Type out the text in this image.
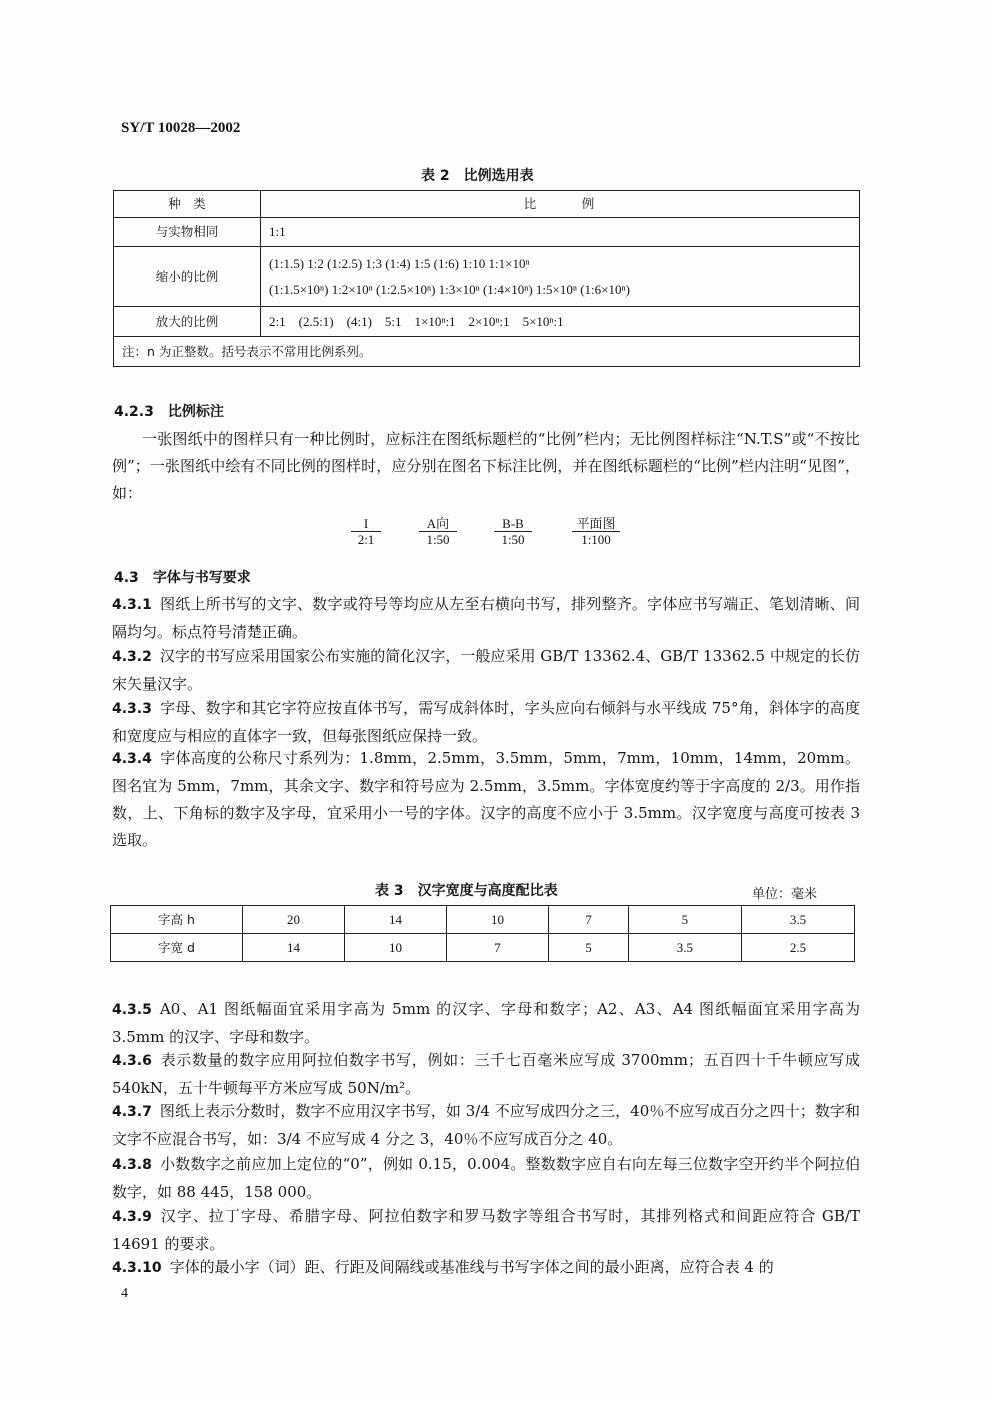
SY/T 10028—2002
表 2 比例选用表
种　类	比　　　例
与实物相同	1:1
缩小的比例	(1:1.5) 1:2 (1:2.5) 1:3 (1:4) 1:5 (1:6) 1:10 1:1×10ⁿ
(1:1.5×10ⁿ) 1:2×10ⁿ (1:2.5×10ⁿ) 1:3×10ⁿ (1:4×10ⁿ) 1:5×10ⁿ (1:6×10ⁿ)

放大的比例	2:1　(2.5:1)　(4:1)　5:1　1×10ⁿ:1　2×10ⁿ:1　5×10ⁿ:1
注：n 为正整数。括号表示不常用比例系列。	
4.2.3 比例标注
一张图纸中的图样只有一种比例时，应标注在图纸标题栏的“比例”栏内；无比例图样标注“N.T.S”或“不按比例”；一张图纸中绘有不同比例的图样时，应分别在图名下标注比例，并在图纸标题栏的“比例”栏内注明“见图”，如：
$\frac{I}{2:1}$	A向
1:50	$\frac{B-B}{1:50}$	平面图
1:100
4.3 字体与书写要求
4.3.1 图纸上所书写的文字、数字或符号等均应从左至右横向书写，排列整齐。字体应书写端正、笔划清晰、间隔均匀。标点符号清楚正确。
4.3.2 汉字的书写应采用国家公布实施的简化汉字，一般应采用 GB/T 13362.4、GB/T 13362.5 中规定的长仿宋矢量汉字。
4.3.3 字母、数字和其它字符应按直体书写，需写成斜体时，字头应向右倾斜与水平线成 75°角，斜体字的高度和宽度应与相应的直体字一致，但每张图纸应保持一致。
4.3.4 字体高度的公称尺寸系列为：1.8mm，2.5mm，3.5mm，5mm，7mm，10mm，14mm，20mm。图名宜为 5mm，7mm，其余文字、数字和符号应为 2.5mm，3.5mm。字体宽度约等于字高度的 2/3。用作指数，上、下角标的数字及字母，宜采用小一号的字体。汉字的高度不应小于 3.5mm。汉字宽度与高度可按表 3 选取。
表 3 汉字宽度与高度配比表	单位：毫米
字高 h	20	14	10	7	5	3.5
字宽 d	14	10	7	5	3.5	2.5
4.3.5 A0、A1 图纸幅面宜采用字高为 5mm 的汉字、字母和数字；A2、A3、A4 图纸幅面宜采用字高为 3.5mm 的汉字、字母和数字。
4.3.6 表示数量的数字应用阿拉伯数字书写，例如：三千七百毫米应写成 3700mm；五百四十千牛顿应写成 540kN，五十牛顿每平方米应写成 50N/m²。
4.3.7 图纸上表示分数时，数字不应用汉字书写，如 3/4 不应写成四分之三，40％不应写成百分之四十；数字和文字不应混合书写，如：3/4 不应写成 4 分之 3，40％不应写成百分之 40。
4.3.8 小数数字之前应加上定位的“0”，例如 0.15，0.004。整数数字应自右向左每三位数字空开约半个阿拉伯数字，如 88 445，158 000。
4.3.9 汉字、拉丁字母、希腊字母、阿拉伯数字和罗马数字等组合书写时，其排列格式和间距应符合 GB/T 14691 的要求。
4.3.10 字体的最小字（词）距、行距及间隔线或基准线与书写字体之间的最小距离，应符合表 4 的
4
